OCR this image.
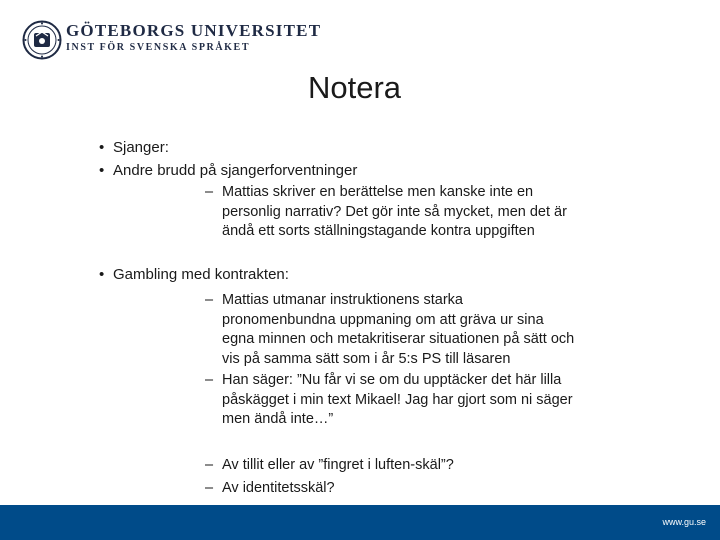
GÖTEBORGS UNIVERSITET
INST FÖR SVENSKA SPRÅKET
Notera
• Sjanger:
• Andre brudd på sjangerforventninger
– Mattias skriver en berättelse men kanske inte en
personlig narrativ? Det gör inte så mycket, men det är
ändå ett sorts ställningstagande kontra uppgiften
• Gambling med kontrakten:
– Mattias utmanar instruktionens starka
pronomenbundna uppmaning om att gräva ur sina
egna minnen och metakritiserar situationen på sätt och
vis på samma sätt som i år 5:s PS till läsaren
– Han säger: ”Nu får vi se om du upptäcker det här lilla
påskägget i min text Mikael! Jag har gjort som ni säger
men ändå inte…”
– Av tillit eller av ”fingret i luften-skäl”?
– Av identitetsskäl?
www.gu.se
